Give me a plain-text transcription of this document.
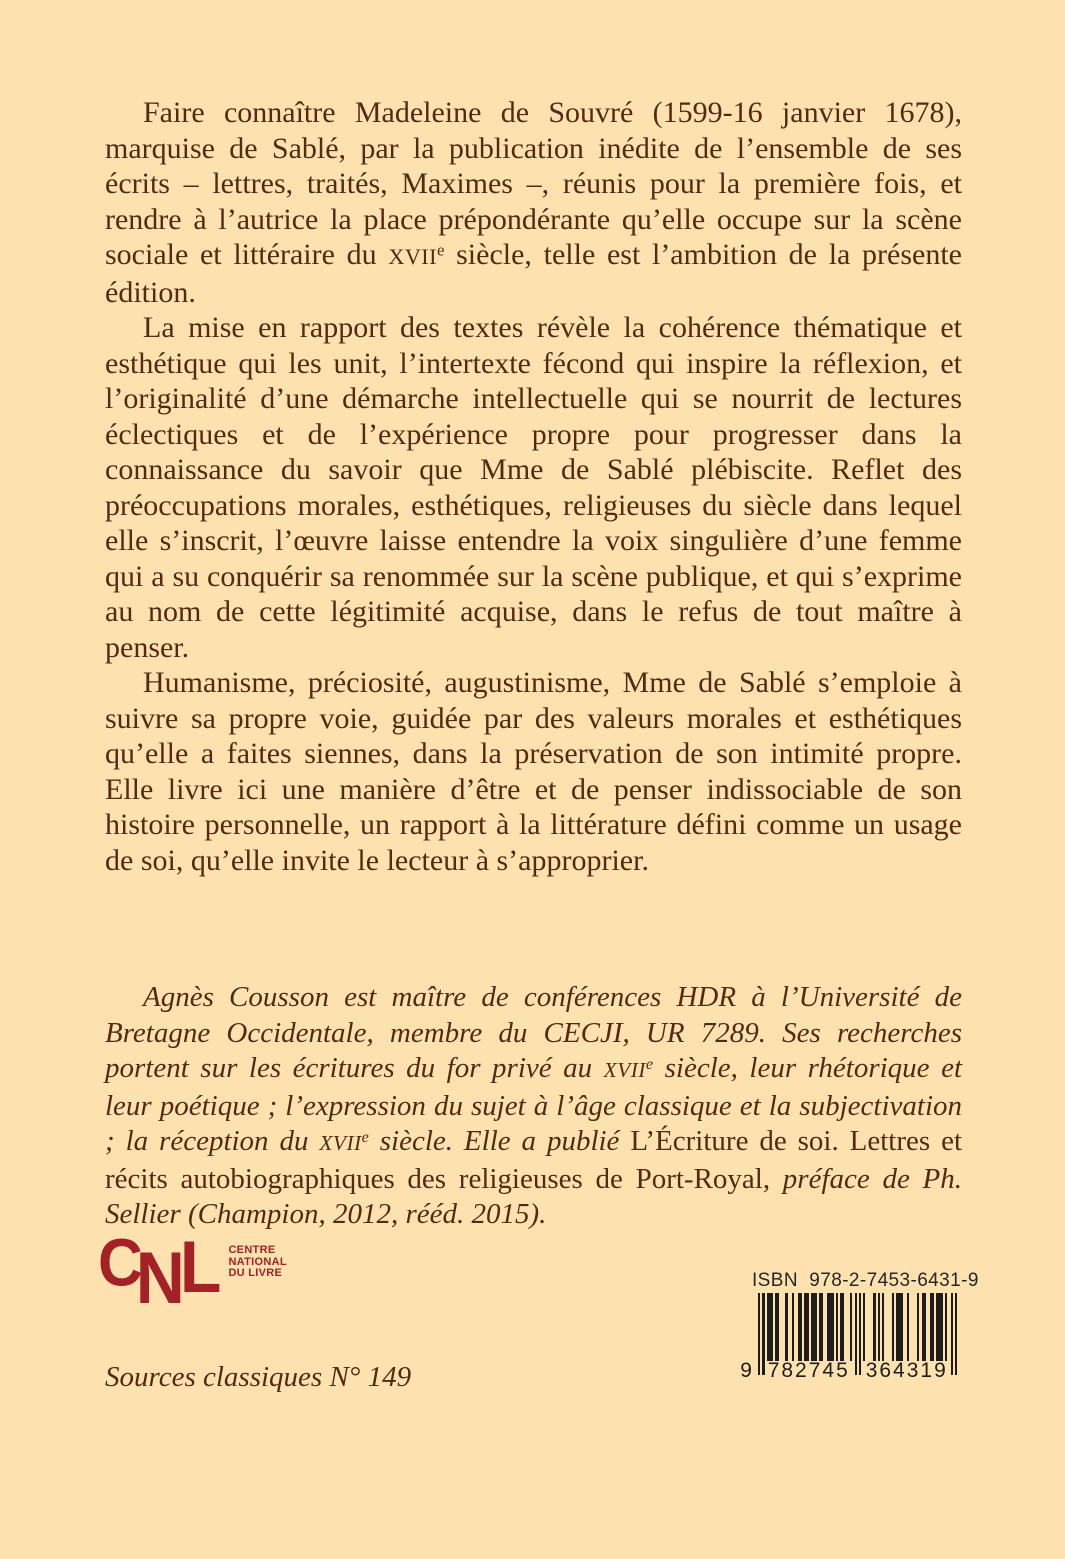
Faire connaître Madeleine de Souvré (1599-16 janvier 1678), marquise de Sablé, par la publication inédite de l’ensemble de ses écrits – lettres, traités, Maximes –, réunis pour la première fois, et rendre à l’autrice la place prépondérante qu’elle occupe sur la scène sociale et littéraire du XVIIe siècle, telle est l’ambition de la présente édition.

La mise en rapport des textes révèle la cohérence thématique et esthétique qui les unit, l’intertexte fécond qui inspire la réflexion, et l’originalité d’une démarche intellectuelle qui se nourrit de lectures éclectiques et de l’expérience propre pour progresser dans la connaissance du savoir que Mme de Sablé plébiscite. Reflet des préoccupations morales, esthétiques, religieuses du siècle dans lequel elle s’inscrit, l’œuvre laisse entendre la voix singulière d’une femme qui a su conquérir sa renommée sur la scène publique, et qui s’exprime au nom de cette légitimité acquise, dans le refus de tout maître à penser.

Humanisme, préciosité, augustinisme, Mme de Sablé s’emploie à suivre sa propre voie, guidée par des valeurs morales et esthétiques qu’elle a faites siennes, dans la préservation de son intimité propre. Elle livre ici une manière d’être et de penser indissociable de son histoire personnelle, un rapport à la littérature défini comme un usage de soi, qu’elle invite le lecteur à s’approprier.

Agnès Cousson est maître de conférences HDR à l’Université de Bretagne Occidentale, membre du CECJI, UR 7289. Ses recherches portent sur les écritures du for privé au XVIIe siècle, leur rhétorique et leur poétique ; l’expression du sujet à l’âge classique et la subjectivation ; la réception du XVIIe siècle. Elle a publié L’Écriture de soi. Lettres et récits autobiographiques des religieuses de Port-Royal, préface de Ph. Sellier (Champion, 2012, rééd. 2015).

C
N
L CENTRE
NATIONAL
DU LIVRE
Sources classiques N° 149
ISBN  978-2-7453-6431-9
9 782745 364319
